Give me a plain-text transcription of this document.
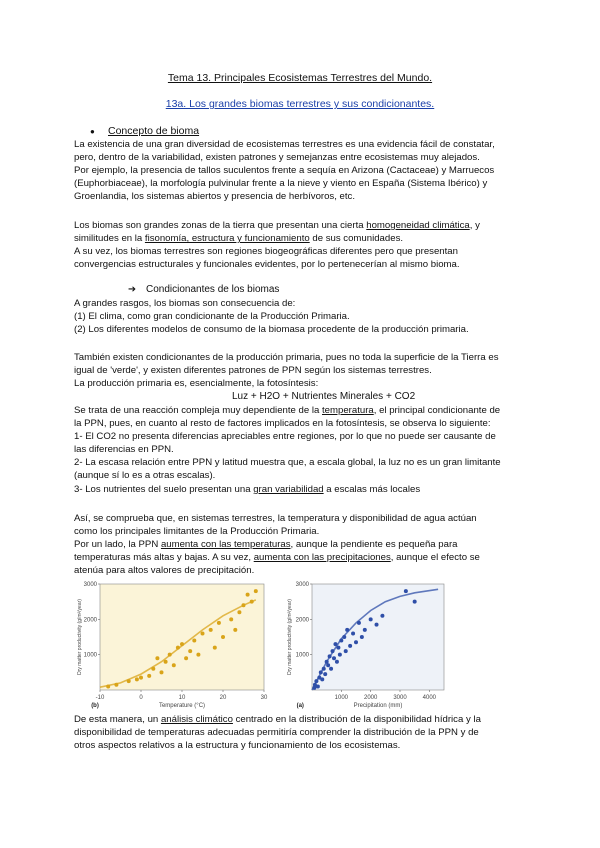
Tema 13. Principales Ecosistemas Terrestres del Mundo.
13a. Los grandes biomas terrestres y sus condicionantes.
● Concepto de bioma
La existencia de una gran diversidad de ecosistemas terrestres es una evidencia fácil de constatar,
pero, dentro de la variabilidad, existen patrones y semejanzas entre ecosistemas muy alejados.
Por ejemplo, la presencia de tallos suculentos frente a sequía en Arizona (Cactaceae) y Marruecos
(Euphorbiaceae), la morfología pulvinular frente a la nieve y viento en España (Sistema Ibérico) y
Groenlandia, los sistemas abiertos y presencia de herbívoros, etc.
Los biomas son grandes zonas de la tierra que presentan una cierta homogeneidad climática, y
similitudes en la fisonomía, estructura y funcionamiento de sus comunidades.
A su vez, los biomas terrestres son regiones biogeográficas diferentes pero que presentan
convergencias estructurales y funcionales evidentes, por lo pertenecerían al mismo bioma.
➔ Condicionantes de los biomas
A grandes rasgos, los biomas son consecuencia de:
(1) El clima, como gran condicionante de la Producción Primaria.
(2) Los diferentes modelos de consumo de la biomasa procedente de la producción primaria.
También existen condicionantes de la producción primaria, pues no toda la superficie de la Tierra es
igual de 'verde', y existen diferentes patrones de PPN según los sistemas terrestres.
La producción primaria es, esencialmente, la fotosíntesis:
Luz + H2O + Nutrientes Minerales + CO2
Se trata de una reacción compleja muy dependiente de la temperatura, el principal condicionante de
la PPN, pues, en cuanto al resto de factores implicados en la fotosíntesis, se observa lo siguiente:
1- El CO2 no presenta diferencias apreciables entre regiones, por lo que no puede ser causante de
las diferencias en PPN.
2- La escasa relación entre PPN y latitud muestra que, a escala global, la luz no es un gran limitante
(aunque sí lo es a otras escalas).
3- Los nutrientes del suelo presentan una gran variabilidad a escalas más locales
Así, se comprueba que, en sistemas terrestres, la temperatura y disponibilidad de agua actúan
como los principales limitantes de la Producción Primaria.
Por un lado, la PPN aumenta con las temperaturas, aunque la pendiente es pequeña para
temperaturas más altas y bajas. A su vez, aumenta con las precipitaciones, aunque el efecto se
atenúa para altos valores de precipitación.
-10	0	10	20	30
1000
2000
3000
Temperature (°C)
Dry matter productivity (g/m²/year)
(b)
1000	2000	3000	4000
1000
2000
3000
Precipitation (mm)
Dry matter productivity (g/m²/year)
(a)
De esta manera, un análisis climático centrado en la distribución de la disponibilidad hídrica y la
disponibilidad de temperaturas adecuadas permitiría comprender la distribución de la PPN y de
otros aspectos relativos a la estructura y funcionamiento de los ecosistemas.
